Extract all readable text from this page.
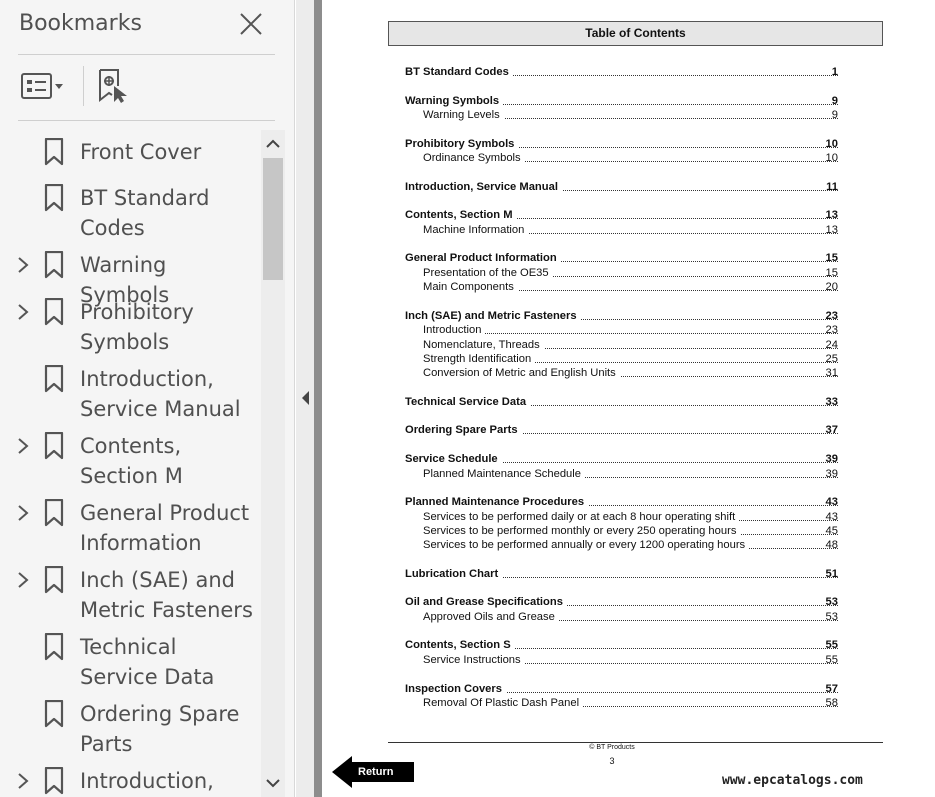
Bookmarks
Front Cover
BT Standard Codes
Warning Symbols
Prohibitory Symbols
Introduction, Service Manual
Contents, Section M
General Product Information
Inch (SAE) and Metric Fasteners
Technical Service Data
Ordering Spare Parts
Introduction,
Table of Contents
BT Standard Codes	1
Warning Symbols	9
Warning Levels	9
Prohibitory Symbols	10
Ordinance Symbols	10
Introduction, Service Manual	11
Contents, Section M	13
Machine Information	13
General Product Information	15
Presentation of the OE35	15
Main Components	20
Inch (SAE) and Metric Fasteners	23
Introduction	23
Nomenclature, Threads	24
Strength Identification	25
Conversion of Metric and English Units	31
Technical Service Data	33
Ordering Spare Parts	37
Service Schedule	39
Planned Maintenance Schedule	39
Planned Maintenance Procedures	43
Services to be performed daily or at each 8 hour operating shift	43
Services to be performed monthly or every 250 operating hours	45
Services to be performed annually or every 1200 operating hours	48
Lubrication Chart	51
Oil and Grease Specifications	53
Approved Oils and Grease	53
Contents, Section S	55
Service Instructions	55
Inspection Covers	57
Removal Of Plastic Dash Panel	58
© BT Products
3
Return
www.epcatalogs.com
